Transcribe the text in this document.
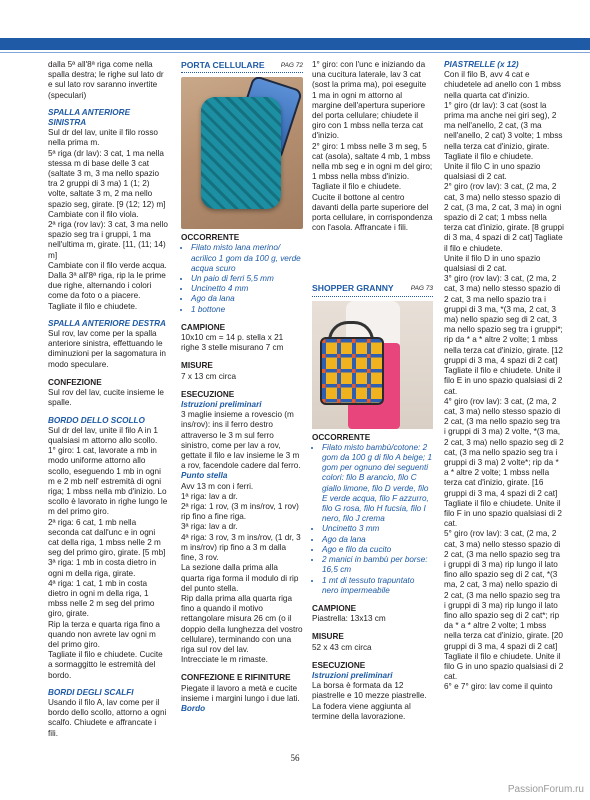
dalla 5ª all'8ª riga come nella spalla destra; le righe sul lato dr e sul lato rov saranno invertite (speculari)
SPALLA ANTERIORE SINISTRA
Sul dr del lav, unite il filo rosso nella prima m.
5ª riga (dr lav): 3 cat, 1 ma nella stessa m di base delle 3 cat (saltate 3 m, 3 ma nello spazio tra 2 gruppi di 3 ma) 1 (1; 2) volte, saltate 3 m, 2 ma nello spazio seg, girate. [9 (12; 12) m]
Cambiate con il filo viola.
2ª riga (rov lav): 3 cat, 3 ma nello spazio seg tra i gruppi, 1 ma nell'ultima m, girate. [11, (11; 14) m]
Cambiate con il filo verde acqua.
Dalla 3ª all'8ª riga, rip la le prime due righe, alternando i colori come da foto o a piacere. Tagliate il filo e chiudete.
SPALLA ANTERIORE DESTRA
Sul rov, lav come per la spalla anteriore sinistra, effettuando le diminuzioni per la sagomatura in modo speculare.
CONFEZIONE
Sul rov del lav, cucite insieme le spalle.
BORDO DELLO SCOLLO
Sul dr del lav, unite il filo A in 1 qualsiasi m attorno allo scollo.
1° giro: 1 cat, lavorate a mb in modo uniforme attorno allo scollo, eseguendo 1 mb in ogni m e 2 mb nell' estremità di ogni riga; 1 mbss nella mb d'inizio. Lo scollo è lavorato in righe lungo le m del primo giro.
2ª riga: 6 cat, 1 mb nella seconda cat dall'unc e in ogni cat della riga, 1 mbss nelle 2 m seg del primo giro, girate. [5 mb]
3ª riga: 1 mb in costa dietro in ogni m della riga, girate.
4ª riga: 1 cat, 1 mb in costa dietro in ogni m della riga, 1 mbss nelle 2 m seg del primo giro, girate.
Rip la terza e quarta riga fino a quando non avrete lav ogni m del primo giro.
Tagliate il filo e chiudete. Cucite a sormaggitto le estremità del bordo.
BORDI DEGLI SCALFI
Usando il filo A, lav come per il bordo dello scollo, attorno a ogni scalfo. Chiudete e affrancate i fili.
PORTA CELLULARE PAG 72
OCCORRENTE
• Filato misto lana merino/ acrilico 1 gom da 100 g, verde acqua scuro
• Un paio di ferri 5,5 mm
• Uncinetto 4 mm
• Ago da lana
• 1 bottone
CAMPIONE
10x10 cm = 14 p. stella x 21 righe 3 stelle misurano 7 cm
MISURE
7 x 13 cm circa
ESECUZIONE
Istruzioni preliminari
3 maglie insieme a rovescio (m ins/rov): ins il ferro destro attraverso le 3 m sul ferro sinistro, come per lav a rov, gettate il filo e lav insieme le 3 m a rov, facendole cadere dal ferro.
Punto stella
Avv 13 m con i ferri.
1ª riga: lav a dr.
2ª riga: 1 rov, (3 m ins/rov, 1 rov) rip fino a fine riga.
3ª riga: lav a dr.
4ª riga: 3 rov, 3 m ins/rov, (1 dr, 3 m ins/rov) rip fino a 3 m dalla fine, 3 rov.
La sezione dalla prima alla quarta riga forma il modulo di rip del punto stella.
Rip dalla prima alla quarta riga fino a quando il motivo rettangolare misura 26 cm (o il doppio della lunghezza del vostro cellulare), terminando con una riga sul rov del lav.
Intrecciate le m rimaste.
CONFEZIONE E RIFINITURE
Piegate il lavoro a metà e cucite insieme i margini lungo i due lati.
Bordo
1° giro: con l'unc e iniziando da una cucitura laterale, lav 3 cat (sost la prima ma), poi eseguite 1 ma in ogni m attorno al margine dell'apertura superiore del porta cellulare; chiudete il giro con 1 mbss nella terza cat d'inizio.
2° giro: 1 mbss nelle 3 m seg, 5 cat (asola), saltate 4 mb, 1 mbss nella mb seg e in ogni m del giro; 1 mbss nella mbss d'inizio. Tagliate il filo e chiudete.
Cucite il bottone al centro davanti della parte superiore del porta cellulare, in corrispondenza con l'asola. Affrancate i fili.
SHOPPER GRANNY	PAG 73
OCCORRENTE
• Filato misto bambù/cotone: 2 gom da 100 g di filo A beige; 1 gom per ognuno dei seguenti colori: filo B arancio, filo C giallo limone, filo D verde, filo E verde acqua, filo F azzurro, filo G rosa, filo H fucsia, filo I nero, filo J crema
• Uncinetto 3 mm
• Ago da lana
• Ago e filo da cucito
• 2 manici in bambù per borse: 16,5 cm
• 1 mt di tessuto trapuntato nero impermeabile
CAMPIONE
Piastrella: 13x13 cm
MISURE
52 x 43 cm circa
ESECUZIONE
Istruzioni preliminari
La borsa è formata da 12 piastrelle e 10 mezze piastrelle. La fodera viene aggiunta al termine della lavorazione.
PIASTRELLE (x 12)
Con il filo B, avv 4 cat e chiudetele ad anello con 1 mbss nella quarta cat d'inizio.
1° giro (dr lav): 3 cat (sost la prima ma anche nei giri seg), 2 ma nell'anello, 2 cat, (3 ma nell'anello, 2 cat) 3 volte; 1 mbss nella terza cat d'inizio, girate. Tagliate il filo e chiudete.
Unite il filo C in uno spazio qualsiasi di 2 cat.
2° giro (rov lav): 3 cat, (2 ma, 2 cat, 3 ma) nello stesso spazio di 2 cat, (3 ma, 2 cat, 3 ma) in ogni spazio di 2 cat; 1 mbss nella terza cat d'inizio, girate. [8 gruppi di 3 ma, 4 spazi di 2 cat] Tagliate il filo e chiudete.
Unite il filo D in uno spazio qualsiasi di 2 cat.
3° giro (rov lav): 3 cat, (2 ma, 2 cat, 3 ma) nello stesso spazio di 2 cat, 3 ma nello spazio tra i gruppi di 3 ma, *(3 ma, 2 cat, 3 ma) nello spazio seg di 2 cat, 3 ma nello spazio seg tra i gruppi*; rip da * a * altre 2 volte; 1 mbss nella terza cat d'inizio, girate. [12 gruppi di 3 ma, 4 spazi di 2 cat]
Tagliate il filo e chiudete. Unite il filo E in uno spazio qualsiasi di 2 cat.
4° giro (rov lav): 3 cat, (2 ma, 2 cat, 3 ma) nello stesso spazio di 2 cat, (3 ma nello spazio seg tra i gruppi di 3 ma) 2 volte, *(3 ma, 2 cat, 3 ma) nello spazio seg di 2 cat, (3 ma nello spazio seg tra i gruppi di 3 ma) 2 volte*; rip da * a * altre 2 volte; 1 mbss nella terza cat d'inizio, girate. [16 gruppi di 3 ma, 4 spazi di 2 cat]
Tagliate il filo e chiudete. Unite il filo F in uno spazio qualsiasi di 2 cat.
5° giro (rov lav): 3 cat, (2 ma, 2 cat, 3 ma) nello stesso spazio di 2 cat, (3 ma nello spazio seg tra i gruppi di 3 ma) rip lungo il lato fino allo spazio seg di 2 cat, *(3 ma, 2 cat, 3 ma) nello spazio di 2 cat, (3 ma nello spazio seg tra i gruppi di 3 ma) rip lungo il lato fino allo spazio seg di 2 cat*; rip da * a * altre 2 volte; 1 mbss nella terza cat d'inizio, girate. [20 gruppi di 3 ma, 4 spazi di 2 cat]
Tagliate il filo e chiudete. Unite il filo G in uno spazio qualsiasi di 2 cat.
6° e 7° giro: lav come il quinto
56
PassionForum.ru
